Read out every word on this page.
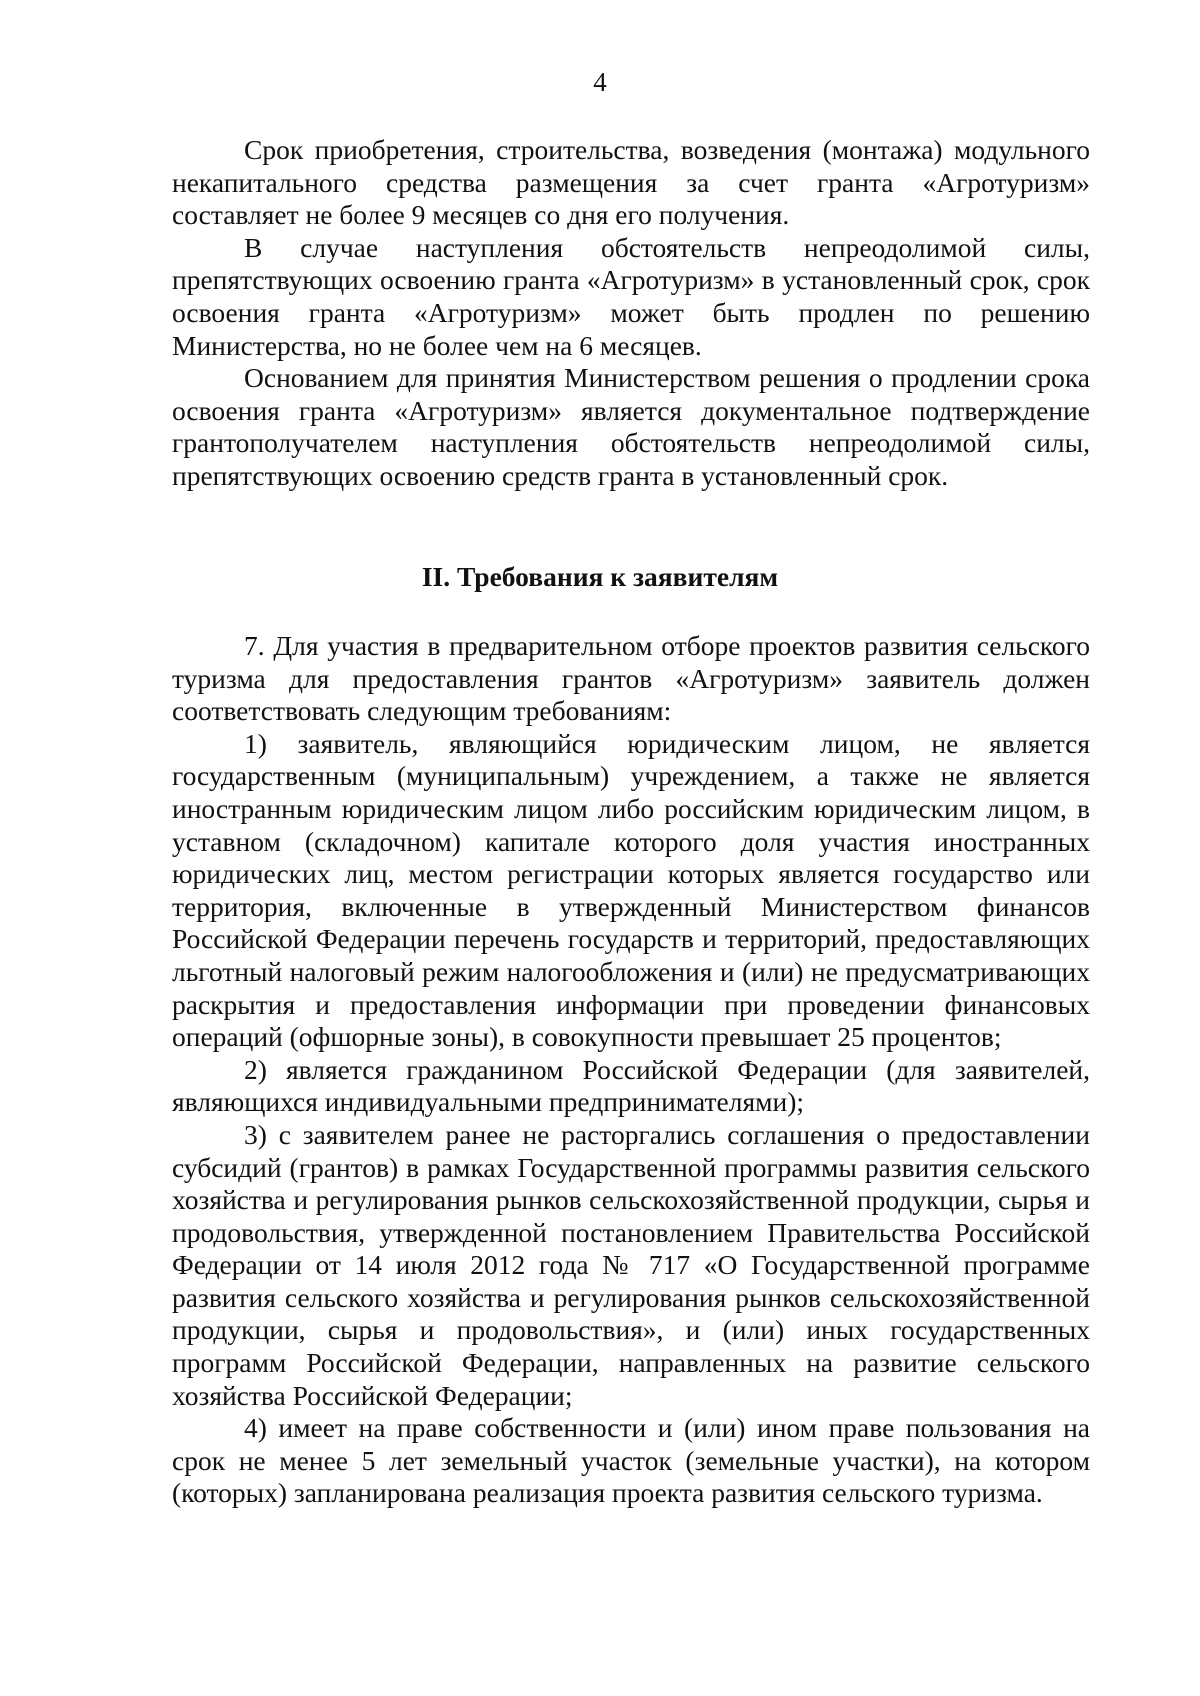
4

Срок приобретения, строительства, возведения (монтажа) модульного некапитального средства размещения за счет гранта «Агротуризм» составляет не более 9 месяцев со дня его получения.

В случае наступления обстоятельств непреодолимой силы, препятствующих освоению гранта «Агротуризм» в установленный срок, срок освоения гранта «Агротуризм» может быть продлен по решению Министерства, но не более чем на 6 месяцев.

Основанием для принятия Министерством решения о продлении срока освоения гранта «Агротуризм» является документальное подтверждение грантополучателем наступления обстоятельств непреодолимой силы, препятствующих освоению средств гранта в установленный срок.

II. Требования к заявителям

7. Для участия в предварительном отборе проектов развития сельского туризма для предоставления грантов «Агротуризм» заявитель должен соответствовать следующим требованиям:

1) заявитель, являющийся юридическим лицом, не является государственным (муниципальным) учреждением, а также не является иностранным юридическим лицом либо российским юридическим лицом, в уставном (складочном) капитале которого доля участия иностранных юридических лиц, местом регистрации которых является государство или территория, включенные в утвержденный Министерством финансов Российской Федерации перечень государств и территорий, предоставляющих льготный налоговый режим налогообложения и (или) не предусматривающих раскрытия и предоставления информации при проведении финансовых операций (офшорные зоны), в совокупности превышает 25 процентов;

2) является гражданином Российской Федерации (для заявителей, являющихся индивидуальными предпринимателями);

3) с заявителем ранее не расторгались соглашения о предоставлении субсидий (грантов) в рамках Государственной программы развития сельского хозяйства и регулирования рынков сельскохозяйственной продукции, сырья и продовольствия, утвержденной постановлением Правительства Российской Федерации от 14 июля 2012 года № 717 «О Государственной программе развития сельского хозяйства и регулирования рынков сельскохозяйственной продукции, сырья и продовольствия», и (или) иных государственных программ Российской Федерации, направленных на развитие сельского хозяйства Российской Федерации;

4) имеет на праве собственности и (или) ином праве пользования на срок не менее 5 лет земельный участок (земельные участки), на котором (которых) запланирована реализация проекта развития сельского туризма.
